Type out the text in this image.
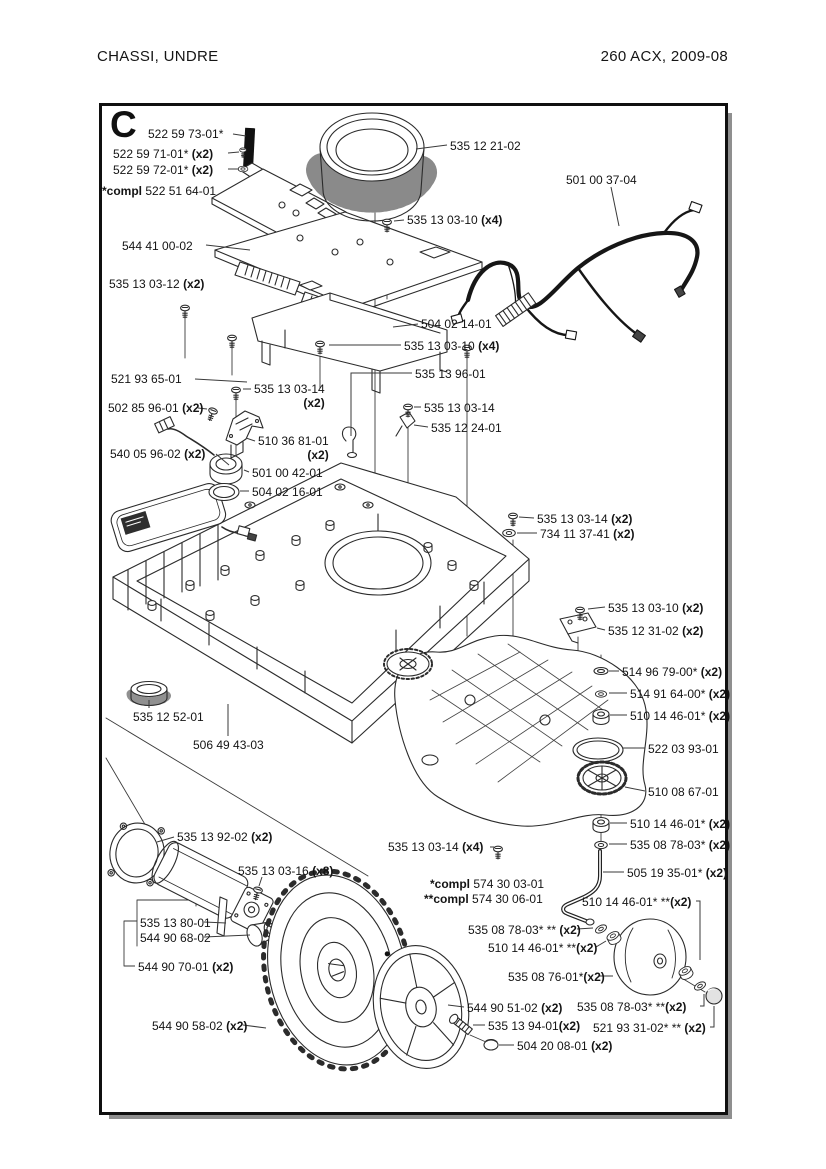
CHASSI, UNDRE	260 ACX, 2009-08
C 522 59 73-01*
522 59 71-01* (x2)
522 59 72-01* (x2)
*compl 522 51 64-01
544 41 00-02
535 12 21-02
501 00 37-04
535 13 03-10 (x4)
535 13 03-12 (x2)
504 02 14-01
535 13 03-10 (x4)
521 93 65-01	535 13 96-01
535 13 03-14
(x2)
502 85 96-01 (x2)	535 13 03-14
535 12 24-01
510 36 81-01
(x2)
540 05 96-02 (x2)
501 00 42-01
504 02 16-01
535 13 03-14 (x2)
734 11 37-41 (x2)
535 13 03-10 (x2)
535 12 31-02 (x2)
514 96 79-00* (x2)
514 91 64-00* (x2)
510 14 46-01* (x2)
522 03 93-01
510 08 67-01
510 14 46-01* (x2)
535 08 78-03* (x2)
535 12 52-01
506 49 43-03
535 13 92-02 (x2)
535 13 03-14 (x4)
505 19 35-01* (x2)
510 14 46-01* **(x2)
535 08 78-03* ** (x2)
510 14 46-01* **(x2)
535 08 76-01*(x2)
544 90 51-02 (x2) 535 08 78-03* **(x2)
521 93 31-02* ** (x2)
535 13 94-01(x2)
504 20 08-01 (x2)
544 90 58-02 (x2)
535 13 80-01
544 90 68-02
544 90 70-01 (x2)
535 13 03-16 (x8)
*compl 574 30 03-01
**compl 574 30 06-01
